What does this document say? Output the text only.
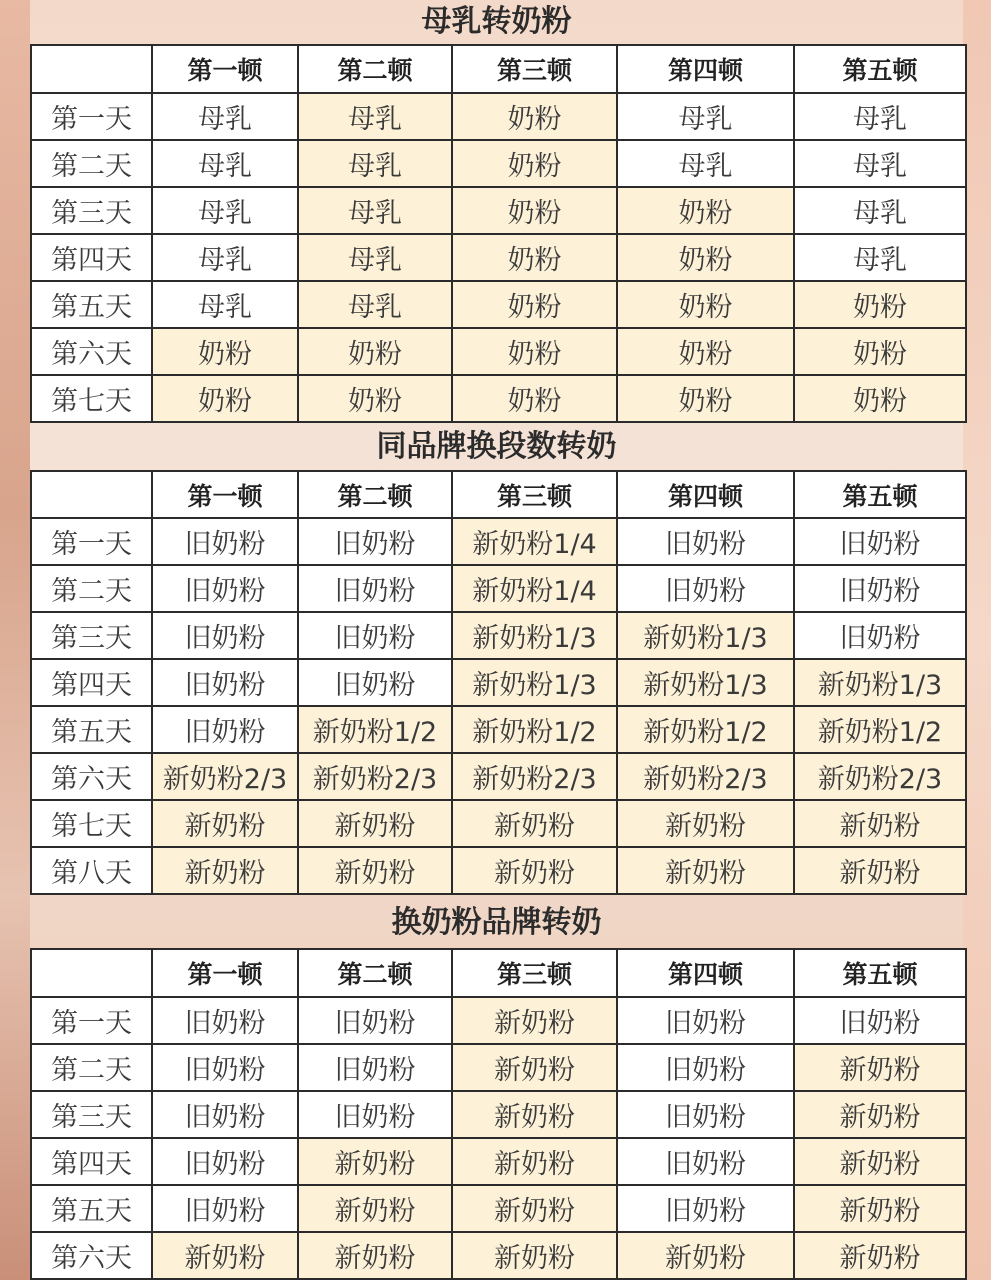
母乳转奶粉
	第一顿	第二顿	第三顿	第四顿	第五顿
第一天	母乳	母乳	奶粉	母乳	母乳
第二天	母乳	母乳	奶粉	母乳	母乳
第三天	母乳	母乳	奶粉	奶粉	母乳
第四天	母乳	母乳	奶粉	奶粉	母乳
第五天	母乳	母乳	奶粉	奶粉	奶粉
第六天	奶粉	奶粉	奶粉	奶粉	奶粉
第七天	奶粉	奶粉	奶粉	奶粉	奶粉
同品牌换段数转奶
	第一顿	第二顿	第三顿	第四顿	第五顿
第一天	旧奶粉	旧奶粉	新奶粉1/4	旧奶粉	旧奶粉
第二天	旧奶粉	旧奶粉	新奶粉1/4	旧奶粉	旧奶粉
第三天	旧奶粉	旧奶粉	新奶粉1/3	新奶粉1/3	旧奶粉
第四天	旧奶粉	旧奶粉	新奶粉1/3	新奶粉1/3	新奶粉1/3
第五天	旧奶粉	新奶粉1/2	新奶粉1/2	新奶粉1/2	新奶粉1/2
第六天	新奶粉2/3	新奶粉2/3	新奶粉2/3	新奶粉2/3	新奶粉2/3
第七天	新奶粉	新奶粉	新奶粉	新奶粉	新奶粉
第八天	新奶粉	新奶粉	新奶粉	新奶粉	新奶粉
换奶粉品牌转奶
	第一顿	第二顿	第三顿	第四顿	第五顿
第一天	旧奶粉	旧奶粉	新奶粉	旧奶粉	旧奶粉
第二天	旧奶粉	旧奶粉	新奶粉	旧奶粉	新奶粉
第三天	旧奶粉	旧奶粉	新奶粉	旧奶粉	新奶粉
第四天	旧奶粉	新奶粉	新奶粉	旧奶粉	新奶粉
第五天	旧奶粉	新奶粉	新奶粉	旧奶粉	新奶粉
第六天	新奶粉	新奶粉	新奶粉	新奶粉	新奶粉
